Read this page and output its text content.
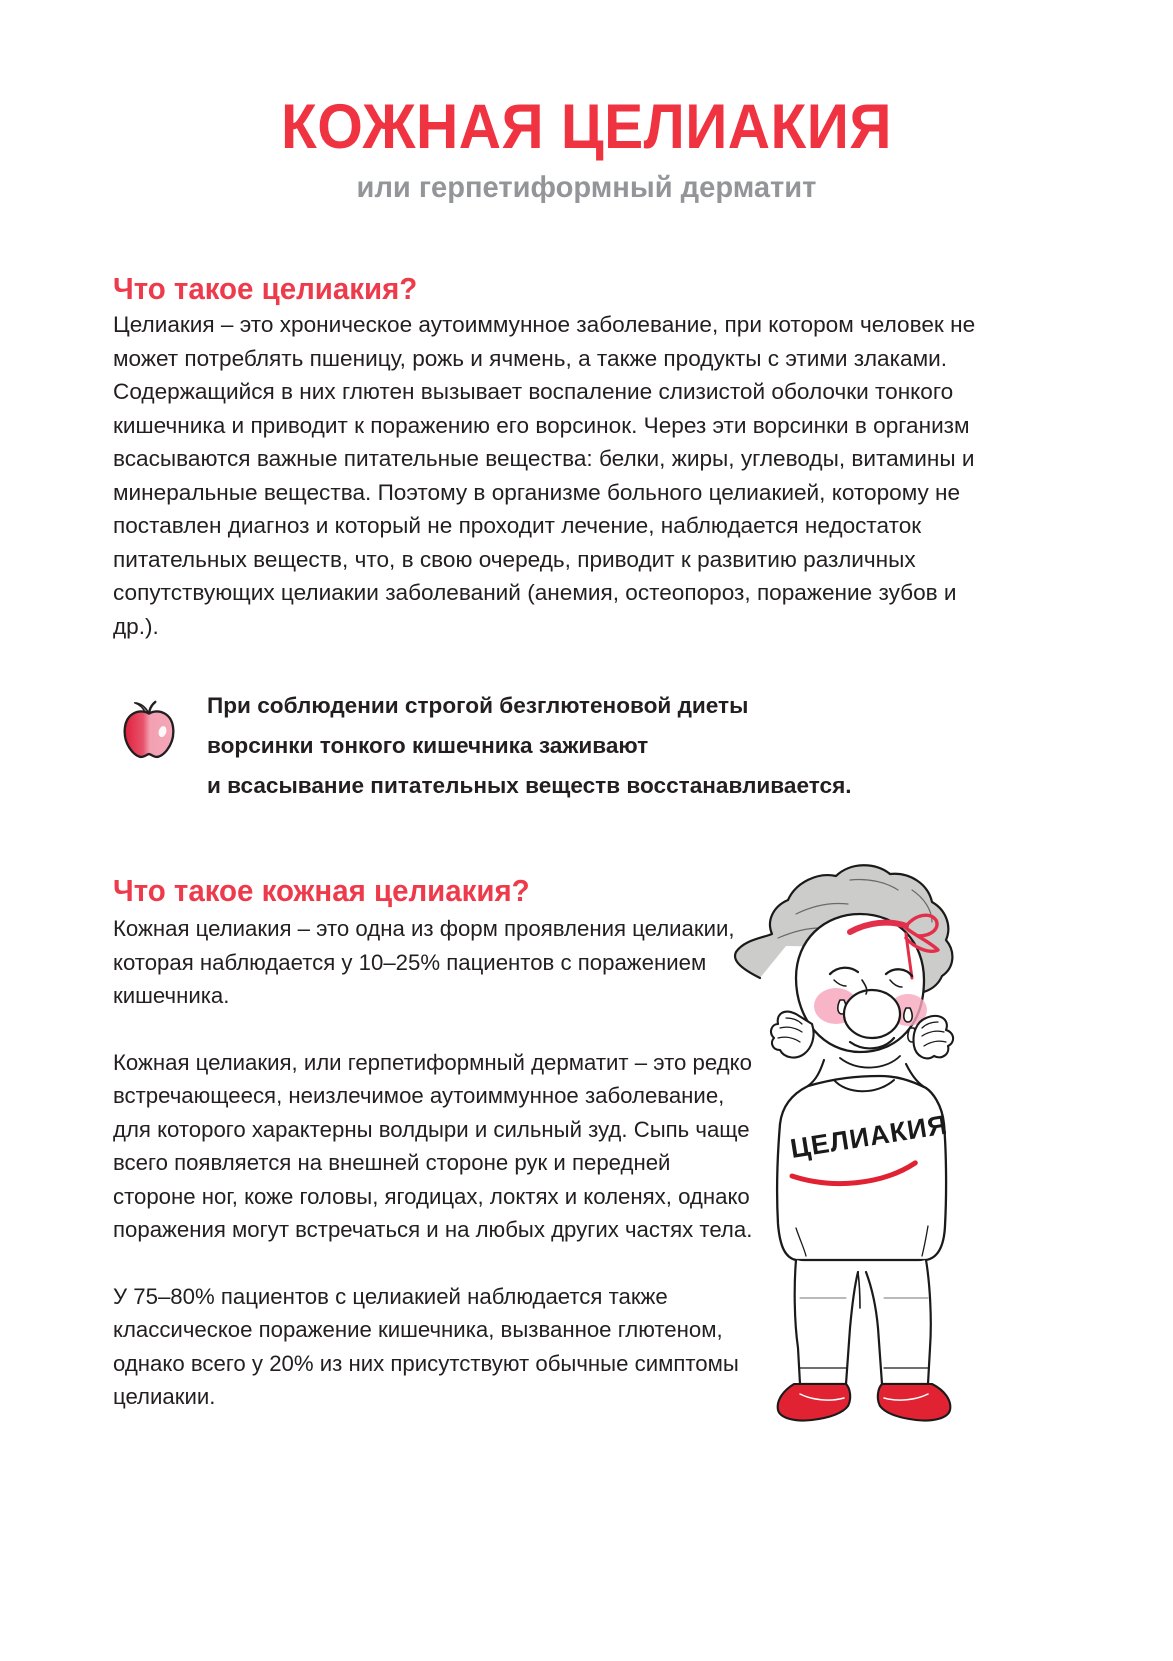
КОЖНАЯ ЦЕЛИАКИЯ
или герпетиформный дерматит
Что такое целиакия?

Целиакия – это хроническое аутоиммунное заболевание, при котором человек не может потреблять пшеницу, рожь и ячмень, а также продукты с этими злаками. Содержащийся в них глютен вызывает воспаление слизистой оболочки тонкого кишечника и приводит к поражению его ворсинок. Через эти ворсинки в организм всасываются важные питательные вещества: белки, жиры, углеводы, витамины и минеральные вещества. Поэтому в организме больного целиакией, которому не поставлен диагноз и который не проходит лечение, наблюдается недостаток питательных веществ, что, в свою очередь, приводит к развитию различных сопутствующих целиакии заболеваний (анемия, остеопороз, поражение зубов и др.).

При соблюдении строгой безглютеновой диеты
ворсинки тонкого кишечника заживают
и всасывание питательных веществ восстанавливается.
Что такое кожная целиакия?

Кожная целиакия – это одна из форм проявления целиакии, которая наблюдается у 10–25% пациентов с поражением кишечника.

Кожная целиакия, или герпетиформный дерматит – это редко встречающееся, неизлечимое аутоиммунное заболевание, для которого характерны волдыри и сильный зуд. Сыпь чаще всего появляется на внешней стороне рук и передней стороне ног, коже головы, ягодицах, локтях и коленях, однако поражения могут встречаться и на любых других частях тела.

У 75–80% пациентов с целиакией наблюдается также классическое поражение кишечника, вызванное глютеном, однако всего у 20% из них присутствуют обычные симптомы целиакии.

ЦЕЛИАКИЯ
